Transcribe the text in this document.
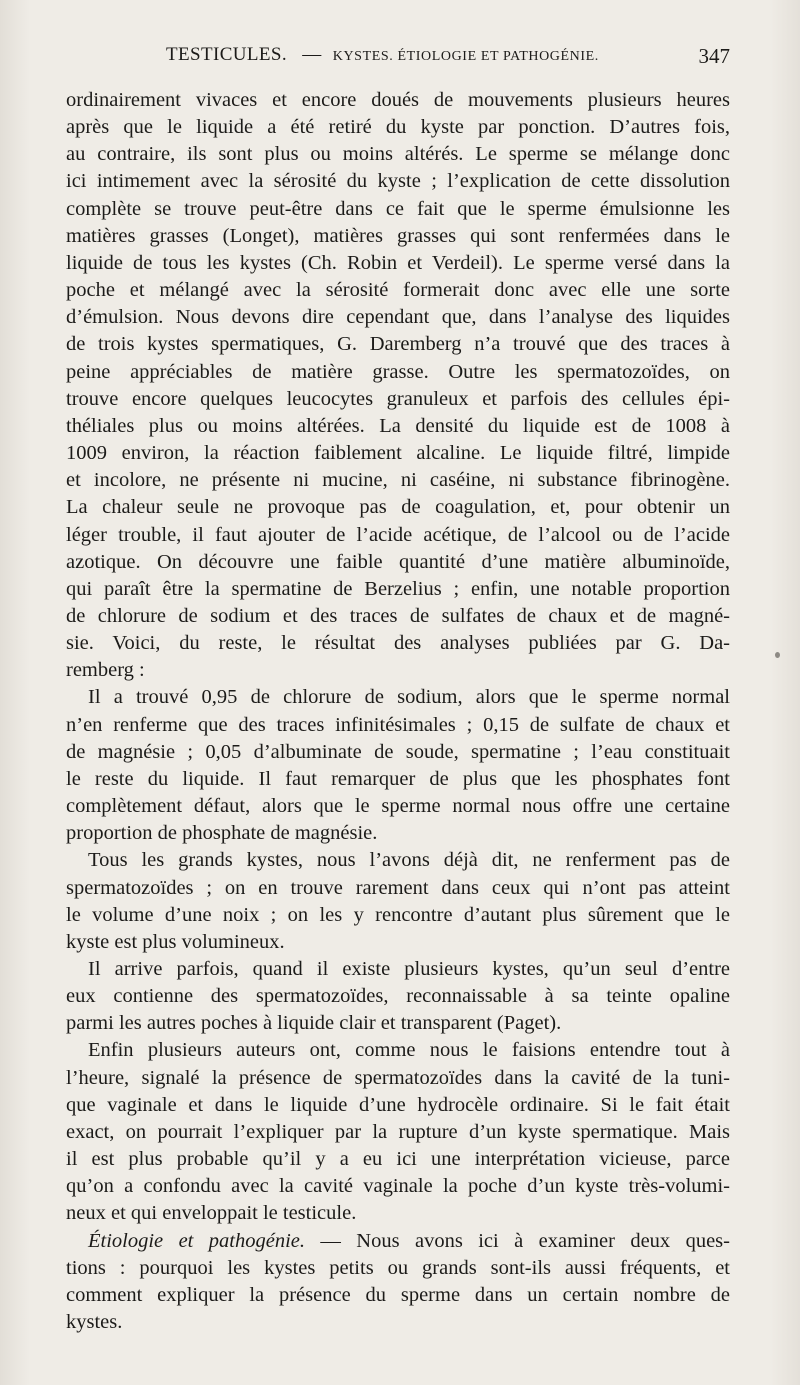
TESTICULES. — KYSTES. ÉTIOLOGIE ET PATHOGÉNIE.	347

ordinairement vivaces et encore doués de mouvements plusieurs heures
après que le liquide a été retiré du kyste par ponction. D’autres fois,
au contraire, ils sont plus ou moins altérés. Le sperme se mélange donc
ici intimement avec la sérosité du kyste ; l’explication de cette dissolution
complète se trouve peut-être dans ce fait que le sperme émulsionne les
matières grasses (Longet), matières grasses qui sont renfermées dans le
liquide de tous les kystes (Ch. Robin et Verdeil). Le sperme versé dans la
poche et mélangé avec la sérosité formerait donc avec elle une sorte
d’émulsion. Nous devons dire cependant que, dans l’analyse des liquides
de trois kystes spermatiques, G. Daremberg n’a trouvé que des traces à
peine appréciables de matière grasse. Outre les spermatozoïdes, on
trouve encore quelques leucocytes granuleux et parfois des cellules épi-
théliales plus ou moins altérées. La densité du liquide est de 1008 à
1009 environ, la réaction faiblement alcaline. Le liquide filtré, limpide
et incolore, ne présente ni mucine, ni caséine, ni substance fibrinogène.
La chaleur seule ne provoque pas de coagulation, et, pour obtenir un
léger trouble, il faut ajouter de l’acide acétique, de l’alcool ou de l’acide
azotique. On découvre une faible quantité d’une matière albuminoïde,
qui paraît être la spermatine de Berzelius ; enfin, une notable proportion
de chlorure de sodium et des traces de sulfates de chaux et de magné-
sie. Voici, du reste, le résultat des analyses publiées par G. Da-
remberg :

Il a trouvé 0,95 de chlorure de sodium, alors que le sperme normal
n’en renferme que des traces infinitésimales ; 0,15 de sulfate de chaux et
de magnésie ; 0,05 d’albuminate de soude, spermatine ; l’eau constituait
le reste du liquide. Il faut remarquer de plus que les phosphates font
complètement défaut, alors que le sperme normal nous offre une certaine
proportion de phosphate de magnésie.

Tous les grands kystes, nous l’avons déjà dit, ne renferment pas de
spermatozoïdes ; on en trouve rarement dans ceux qui n’ont pas atteint
le volume d’une noix ; on les y rencontre d’autant plus sûrement que le
kyste est plus volumineux.

Il arrive parfois, quand il existe plusieurs kystes, qu’un seul d’entre
eux contienne des spermatozoïdes, reconnaissable à sa teinte opaline
parmi les autres poches à liquide clair et transparent (Paget).

Enfin plusieurs auteurs ont, comme nous le faisions entendre tout à
l’heure, signalé la présence de spermatozoïdes dans la cavité de la tuni-
que vaginale et dans le liquide d’une hydrocèle ordinaire. Si le fait était
exact, on pourrait l’expliquer par la rupture d’un kyste spermatique. Mais
il est plus probable qu’il y a eu ici une interprétation vicieuse, parce
qu’on a confondu avec la cavité vaginale la poche d’un kyste très-volumi-
neux et qui enveloppait le testicule.

Étiologie et pathogénie. — Nous avons ici à examiner deux ques-
tions : pourquoi les kystes petits ou grands sont-ils aussi fréquents, et
comment expliquer la présence du sperme dans un certain nombre de
kystes.
